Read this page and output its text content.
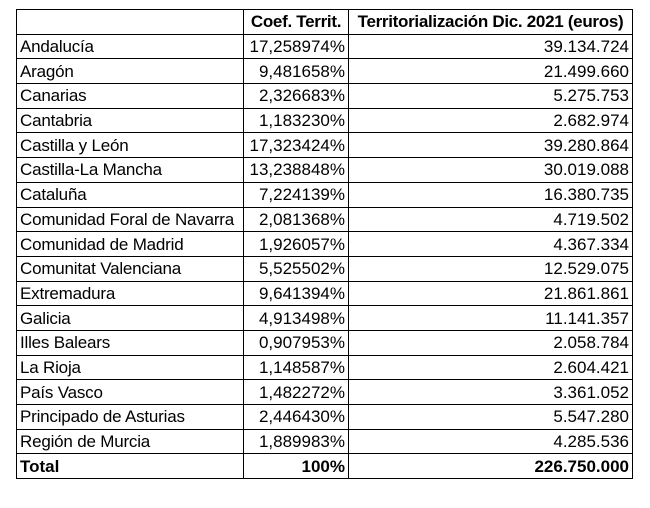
	Coef. Territ.	Territorialización Dic. 2021 (euros)
Andalucía	17,258974%	39.134.724
Aragón	9,481658%	21.499.660
Canarias	2,326683%	5.275.753
Cantabria	1,183230%	2.682.974
Castilla y León	17,323424%	39.280.864
Castilla-La Mancha	13,238848%	30.019.088
Cataluña	7,224139%	16.380.735
Comunidad Foral de Navarra	2,081368%	4.719.502
Comunidad de Madrid	1,926057%	4.367.334
Comunitat Valenciana	5,525502%	12.529.075
Extremadura	9,641394%	21.861.861
Galicia	4,913498%	11.141.357
Illes Balears	0,907953%	2.058.784
La Rioja	1,148587%	2.604.421
País Vasco	1,482272%	3.361.052
Principado de Asturias	2,446430%	5.547.280
Región de Murcia	1,889983%	4.285.536
Total	100%	226.750.000
